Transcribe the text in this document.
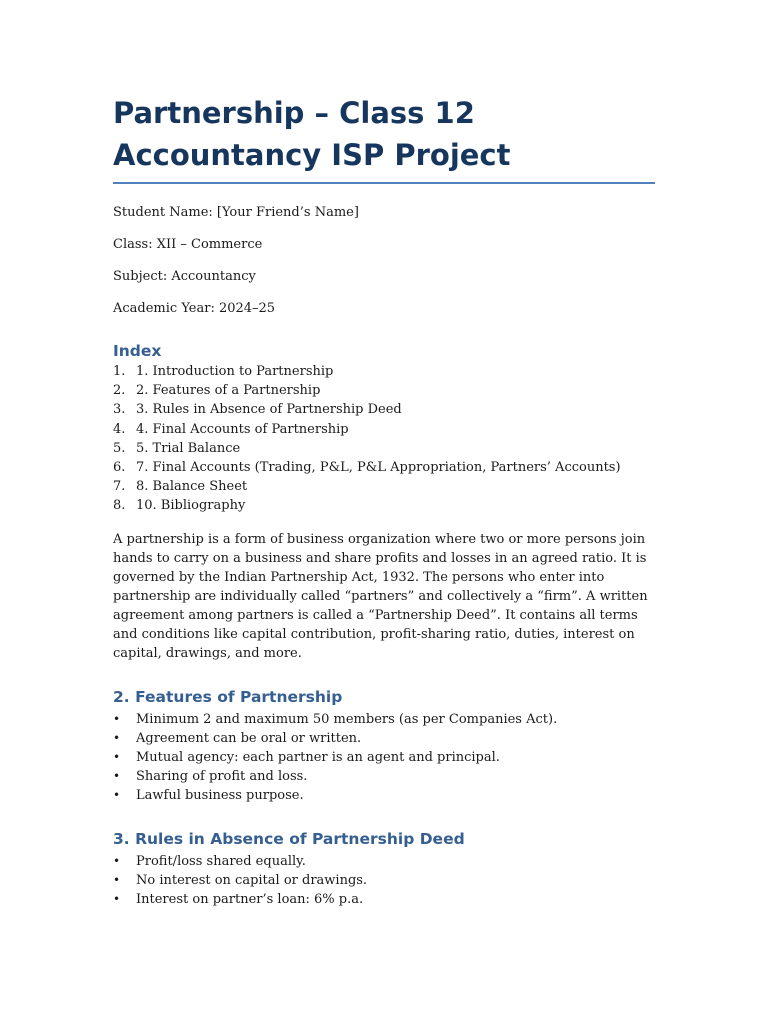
Partnership – Class 12 Accountancy ISP Project

Student Name: [Your Friend’s Name]

Class: XII – Commerce

Subject: Accountancy

Academic Year: 2024–25

Index
1. 1. Introduction to Partnership
2. 2. Features of a Partnership
3. 3. Rules in Absence of Partnership Deed
4. 4. Final Accounts of Partnership
5. 5. Trial Balance
6. 7. Final Accounts (Trading, P&L, P&L Appropriation, Partners’ Accounts)
7. 8. Balance Sheet
8. 10. Bibliography

A partnership is a form of business organization where two or more persons join hands to carry on a business and share profits and losses in an agreed ratio. It is governed by the Indian Partnership Act, 1932. The persons who enter into partnership are individually called “partners” and collectively a “firm”. A written agreement among partners is called a “Partnership Deed”. It contains all terms and conditions like capital contribution, profit-sharing ratio, duties, interest on capital, drawings, and more.

2. Features of Partnership
• Minimum 2 and maximum 50 members (as per Companies Act).
• Agreement can be oral or written.
• Mutual agency: each partner is an agent and principal.
• Sharing of profit and loss.
• Lawful business purpose.
3. Rules in Absence of Partnership Deed
• Profit/loss shared equally.
• No interest on capital or drawings.
• Interest on partner’s loan: 6% p.a.
